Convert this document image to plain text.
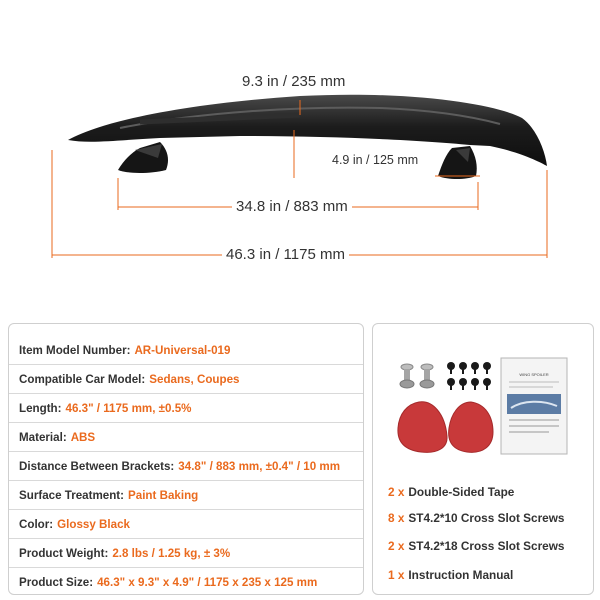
9.3 in / 235 mm
4.9 in / 125 mm
34.8 in / 883 mm
46.3 in / 1175 mm
Item Model Number: AR-Universal-019
Compatible Car Model: Sedans, Coupes
Length: 46.3" / 1175 mm, ±0.5%
Material: ABS
Distance Between Brackets: 34.8" / 883 mm, ±0.4" / 10 mm
Surface Treatment: Paint Baking
Color: Glossy Black
Product Weight: 2.8 lbs / 1.25 kg, ± 3%
Product Size: 46.3" x 9.3" x 4.9" / 1175 x 235 x 125 mm
WING SPOILER
2 x Double-Sided Tape
8 x ST4.2*10 Cross Slot Screws
2 x ST4.2*18 Cross Slot Screws
1 x Instruction Manual
